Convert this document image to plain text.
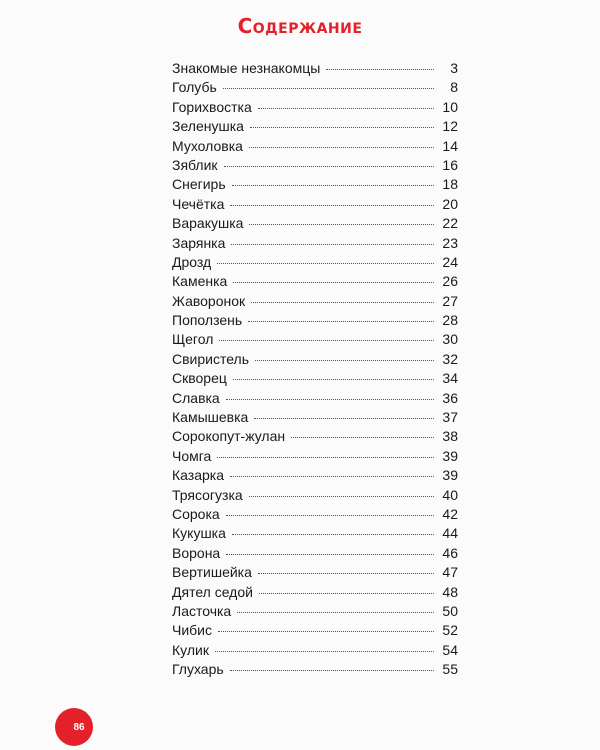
Содержание
Знакомые незнакомцы	3
Голубь	8
Горихвостка	10
Зеленушка	12
Мухоловка	14
Зяблик	16
Снегирь	18
Чечётка	20
Варакушка	22
Зарянка	23
Дрозд	24
Каменка	26
Жаворонок	27
Поползень	28
Щегол	30
Свиристель	32
Скворец	34
Славка	36
Камышевка	37
Сорокопут-жулан	38
Чомга	39
Казарка	39
Трясогузка	40
Сорока	42
Кукушка	44
Ворона	46
Вертишейка	47
Дятел седой	48
Ласточка	50
Чибис	52
Кулик	54
Глухарь	55
86
